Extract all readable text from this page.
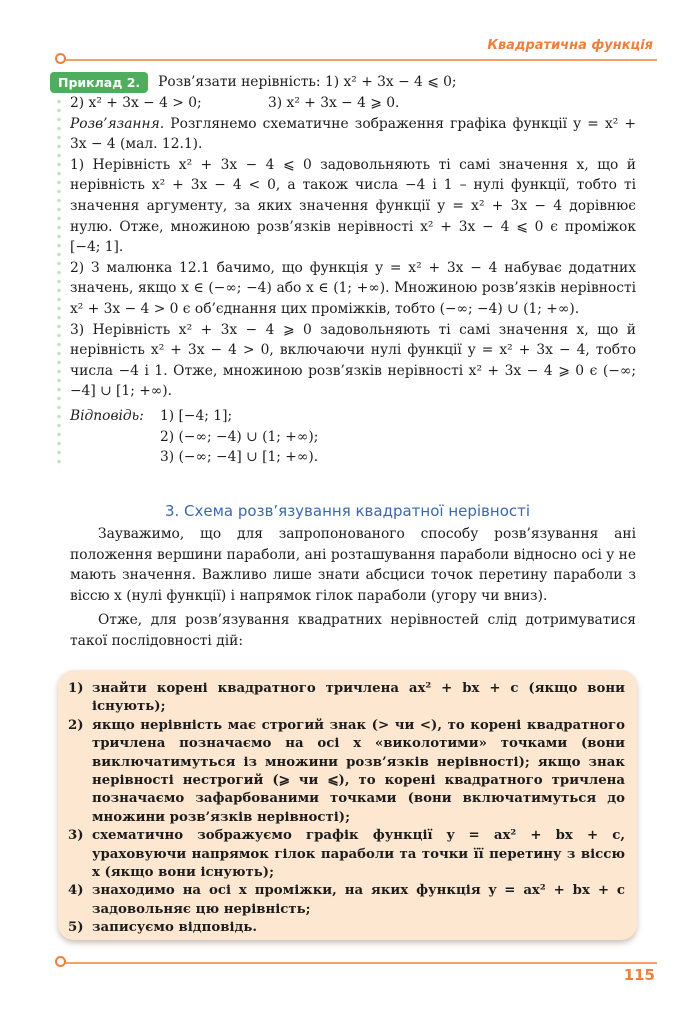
Квадратична функція
Приклад 2.	Розв’язати нерівність: 1) x² + 3x − 4 ⩽ 0;
2) x² + 3x − 4 > 0;	3) x² + 3x − 4 ⩾ 0.

Розв’язання. Розглянемо схематичне зображення графіка функції y = x² + 3x − 4 (мал. 12.1).

1) Нерівність x² + 3x − 4 ⩽ 0 задовольняють ті самі значення x, що й нерівність x² + 3x − 4 < 0, а також числа −4 і 1 – нулі функції, тобто ті значення аргументу, за яких значення функції y = x² + 3x − 4 дорівнює нулю. Отже, множиною розв’язків нерівності x² + 3x − 4 ⩽ 0 є проміжок [−4; 1].

2) З малюнка 12.1 бачимо, що функція y = x² + 3x − 4 набуває додатних значень, якщо x ∈ (−∞; −4) або x ∈ (1; +∞). Множиною розв’язків нерівності x² + 3x − 4 > 0 є об’єднання цих проміжків, тобто (−∞; −4) ∪ (1; +∞).

3) Нерівність x² + 3x − 4 ⩾ 0 задовольняють ті самі значення x, що й нерівність x² + 3x − 4 > 0, включаючи нулі функції y = x² + 3x − 4, тобто числа −4 і 1. Отже, множиною розв’язків нерівності x² + 3x − 4 ⩾ 0 є (−∞; −4] ∪ [1; +∞).

Відповідь:	1) [−4; 1];
2) (−∞; −4) ∪ (1; +∞);
3) (−∞; −4] ∪ [1; +∞).
3. Схема розв’язування квадратної нерівності

Зауважимо, що для запропонованого способу розв’язування ані положення вершини параболи, ані розташування параболи відносно осі y не мають значення. Важливо лише знати абсциси точок перетину параболи з віссю x (нулі функції) і напрямок гілок параболи (угору чи вниз).

Отже, для розв’язування квадратних нерівностей слід дотримуватися такої послідовності дій:

1) знайти корені квадратного тричлена ax² + bx + c (якщо вони існують);
2) якщо нерівність має строгий знак (> чи <), то корені квадратного тричлена позначаємо на осі x «виколотими» точками (вони виключатимуться із множини розв’язків нерівності); якщо знак нерівності нестрогий (⩾ чи ⩽), то корені квадратного тричлена позначаємо зафарбованими точками (вони включатимуться до множини розв’язків нерівності);
3) схематично зображуємо графік функції y = ax² + bx + c, ураховуючи напрямок гілок параболи та точки її перетину з віссю x (якщо вони існують);
4) знаходимо на осі x проміжки, на яких функція y = ax² + bx + c задовольняє цю нерівність;
5) записуємо відповідь.
115
